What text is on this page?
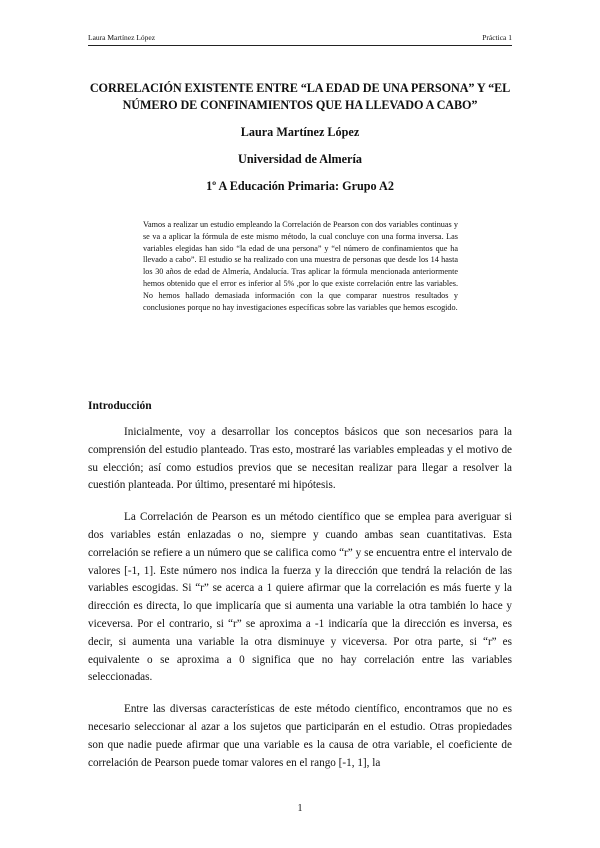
Laura Martínez López	Práctica 1
CORRELACIÓN EXISTENTE ENTRE “LA EDAD DE UNA PERSONA” Y “EL NÚMERO DE CONFINAMIENTOS QUE HA LLEVADO A CABO”
Laura Martínez López
Universidad de Almería
1º A Educación Primaria: Grupo A2
Vamos a realizar un estudio empleando la Correlación de Pearson con dos variables continuas y se va a aplicar la fórmula de este mismo método, la cual concluye con una forma inversa. Las variables elegidas han sido “la edad de una persona” y “el número de confinamientos que ha llevado a cabo”. El estudio se ha realizado con una muestra de personas que desde los 14 hasta los 30 años de edad de Almería, Andalucía. Tras aplicar la fórmula mencionada anteriormente hemos obtenido que el error es inferior al 5% ,por lo que existe correlación entre las variables. No hemos hallado demasiada información con la que comparar nuestros resultados y conclusiones porque no hay investigaciones específicas sobre las variables que hemos escogido.
Introducción

Inicialmente, voy a desarrollar los conceptos básicos que son necesarios para la comprensión del estudio planteado. Tras esto, mostraré las variables empleadas y el motivo de su elección; así como estudios previos que se necesitan realizar para llegar a resolver la cuestión planteada. Por último, presentaré mi hipótesis.

La Correlación de Pearson es un método científico que se emplea para averiguar si dos variables están enlazadas o no, siempre y cuando ambas sean cuantitativas. Esta correlación se refiere a un número que se califica como “r” y se encuentra entre el intervalo de valores [-1, 1]. Este número nos indica la fuerza y la dirección que tendrá la relación de las variables escogidas. Si “r” se acerca a 1 quiere afirmar que la correlación es más fuerte y la dirección es directa, lo que implicaría que si aumenta una variable la otra también lo hace y viceversa. Por el contrario, si “r” se aproxima a -1 indicaría que la dirección es inversa, es decir, si aumenta una variable la otra disminuye y viceversa. Por otra parte, si “r” es equivalente o se aproxima a 0 significa que no hay correlación entre las variables seleccionadas.

Entre las diversas características de este método científico, encontramos que no es necesario seleccionar al azar a los sujetos que participarán en el estudio. Otras propiedades son que nadie puede afirmar que una variable es la causa de otra variable, el coeficiente de correlación de Pearson puede tomar valores en el rango [-1, 1], la

1
